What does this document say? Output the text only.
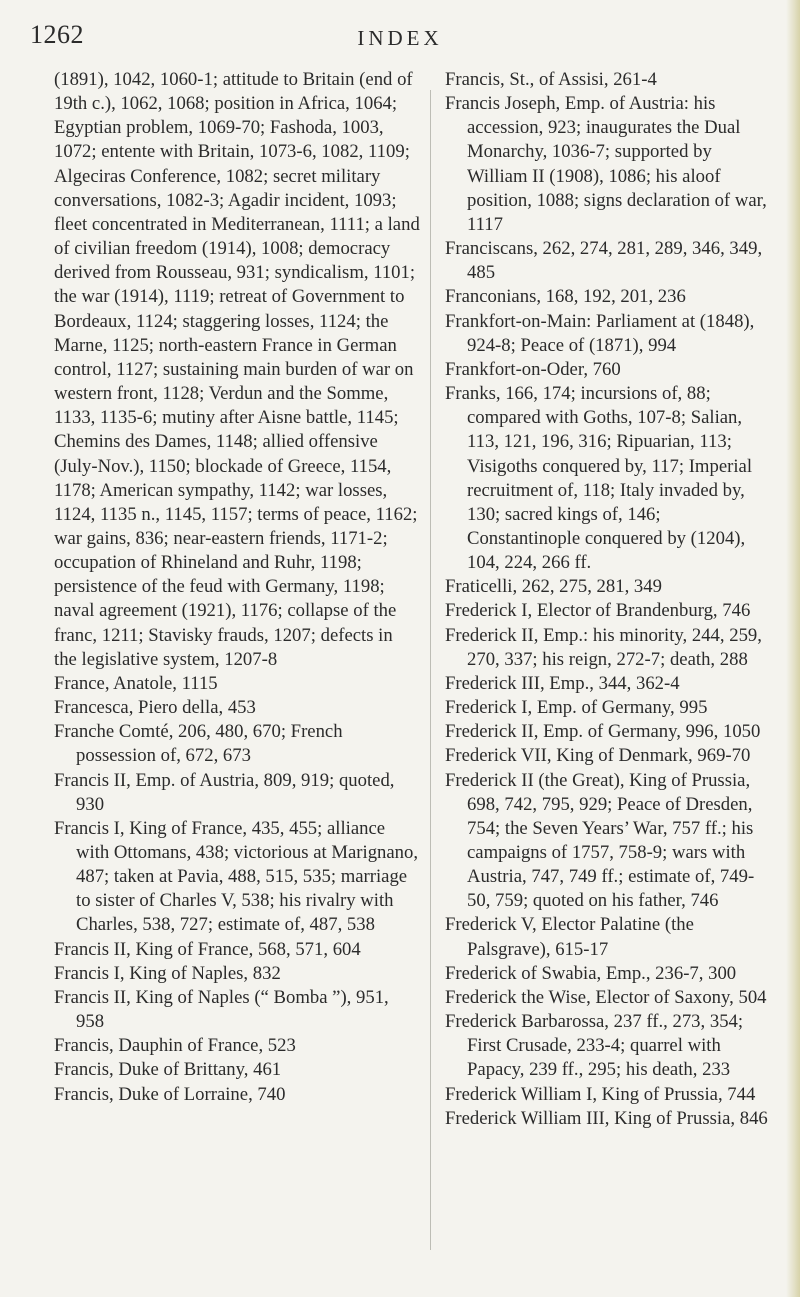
1262	INDEX

(1891), 1042, 1060-1; attitude to Britain (end of 19th c.), 1062, 1068; position in Africa, 1064; Egyptian problem, 1069-70; Fashoda, 1003, 1072; entente with Britain, 1073-6, 1082, 1109; Algeciras Conference, 1082; secret military conversations, 1082-3; Agadir incident, 1093; fleet concentrated in Mediterranean, 1111; a land of civilian freedom (1914), 1008; democracy derived from Rousseau, 931; syndicalism, 1101; the war (1914), 1119; retreat of Government to Bordeaux, 1124; staggering losses, 1124; the Marne, 1125; north-eastern France in German control, 1127; sustaining main burden of war on western front, 1128; Verdun and the Somme, 1133, 1135-6; mutiny after Aisne battle, 1145; Chemins des Dames, 1148; allied offensive (July-Nov.), 1150; blockade of Greece, 1154, 1178; American sympathy, 1142; war losses, 1124, 1135 n., 1145, 1157; terms of peace, 1162; war gains, 836; near-eastern friends, 1171-2; occupation of Rhineland and Ruhr, 1198; persistence of the feud with Germany, 1198; naval agreement (1921), 1176; collapse of the franc, 1211; Stavisky frauds, 1207; defects in the legislative system, 1207-8

France, Anatole, 1115

Francesca, Piero della, 453

Franche Comté, 206, 480, 670; French possession of, 672, 673

Francis II, Emp. of Austria, 809, 919; quoted, 930

Francis I, King of France, 435, 455; alliance with Ottomans, 438; victorious at Marignano, 487; taken at Pavia, 488, 515, 535; marriage to sister of Charles V, 538; his rivalry with Charles, 538, 727; estimate of, 487, 538

Francis II, King of France, 568, 571, 604

Francis I, King of Naples, 832

Francis II, King of Naples (“ Bomba ”), 951, 958

Francis, Dauphin of France, 523

Francis, Duke of Brittany, 461

Francis, Duke of Lorraine, 740

Francis, St., of Assisi, 261-4

Francis Joseph, Emp. of Austria: his accession, 923; inaugurates the Dual Monarchy, 1036-7; supported by William II (1908), 1086; his aloof position, 1088; signs declaration of war, 1117

Franciscans, 262, 274, 281, 289, 346, 349, 485

Franconians, 168, 192, 201, 236

Frankfort-on-Main: Parliament at (1848), 924-8; Peace of (1871), 994

Frankfort-on-Oder, 760

Franks, 166, 174; incursions of, 88; compared with Goths, 107-8; Salian, 113, 121, 196, 316; Ripuarian, 113; Visigoths conquered by, 117; Imperial recruitment of, 118; Italy invaded by, 130; sacred kings of, 146; Constantinople conquered by (1204), 104, 224, 266 ff.

Fraticelli, 262, 275, 281, 349

Frederick I, Elector of Brandenburg, 746

Frederick II, Emp.: his minority, 244, 259, 270, 337; his reign, 272-7; death, 288

Frederick III, Emp., 344, 362-4

Frederick I, Emp. of Germany, 995

Frederick II, Emp. of Germany, 996, 1050

Frederick VII, King of Denmark, 969-70

Frederick II (the Great), King of Prussia, 698, 742, 795, 929; Peace of Dresden, 754; the Seven Years’ War, 757 ff.; his campaigns of 1757, 758-9; wars with Austria, 747, 749 ff.; estimate of, 749-50, 759; quoted on his father, 746

Frederick V, Elector Palatine (the Palsgrave), 615-17

Frederick of Swabia, Emp., 236-7, 300

Frederick the Wise, Elector of Saxony, 504

Frederick Barbarossa, 237 ff., 273, 354; First Crusade, 233-4; quarrel with Papacy, 239 ff., 295; his death, 233

Frederick William I, King of Prussia, 744

Frederick William III, King of Prussia, 846
